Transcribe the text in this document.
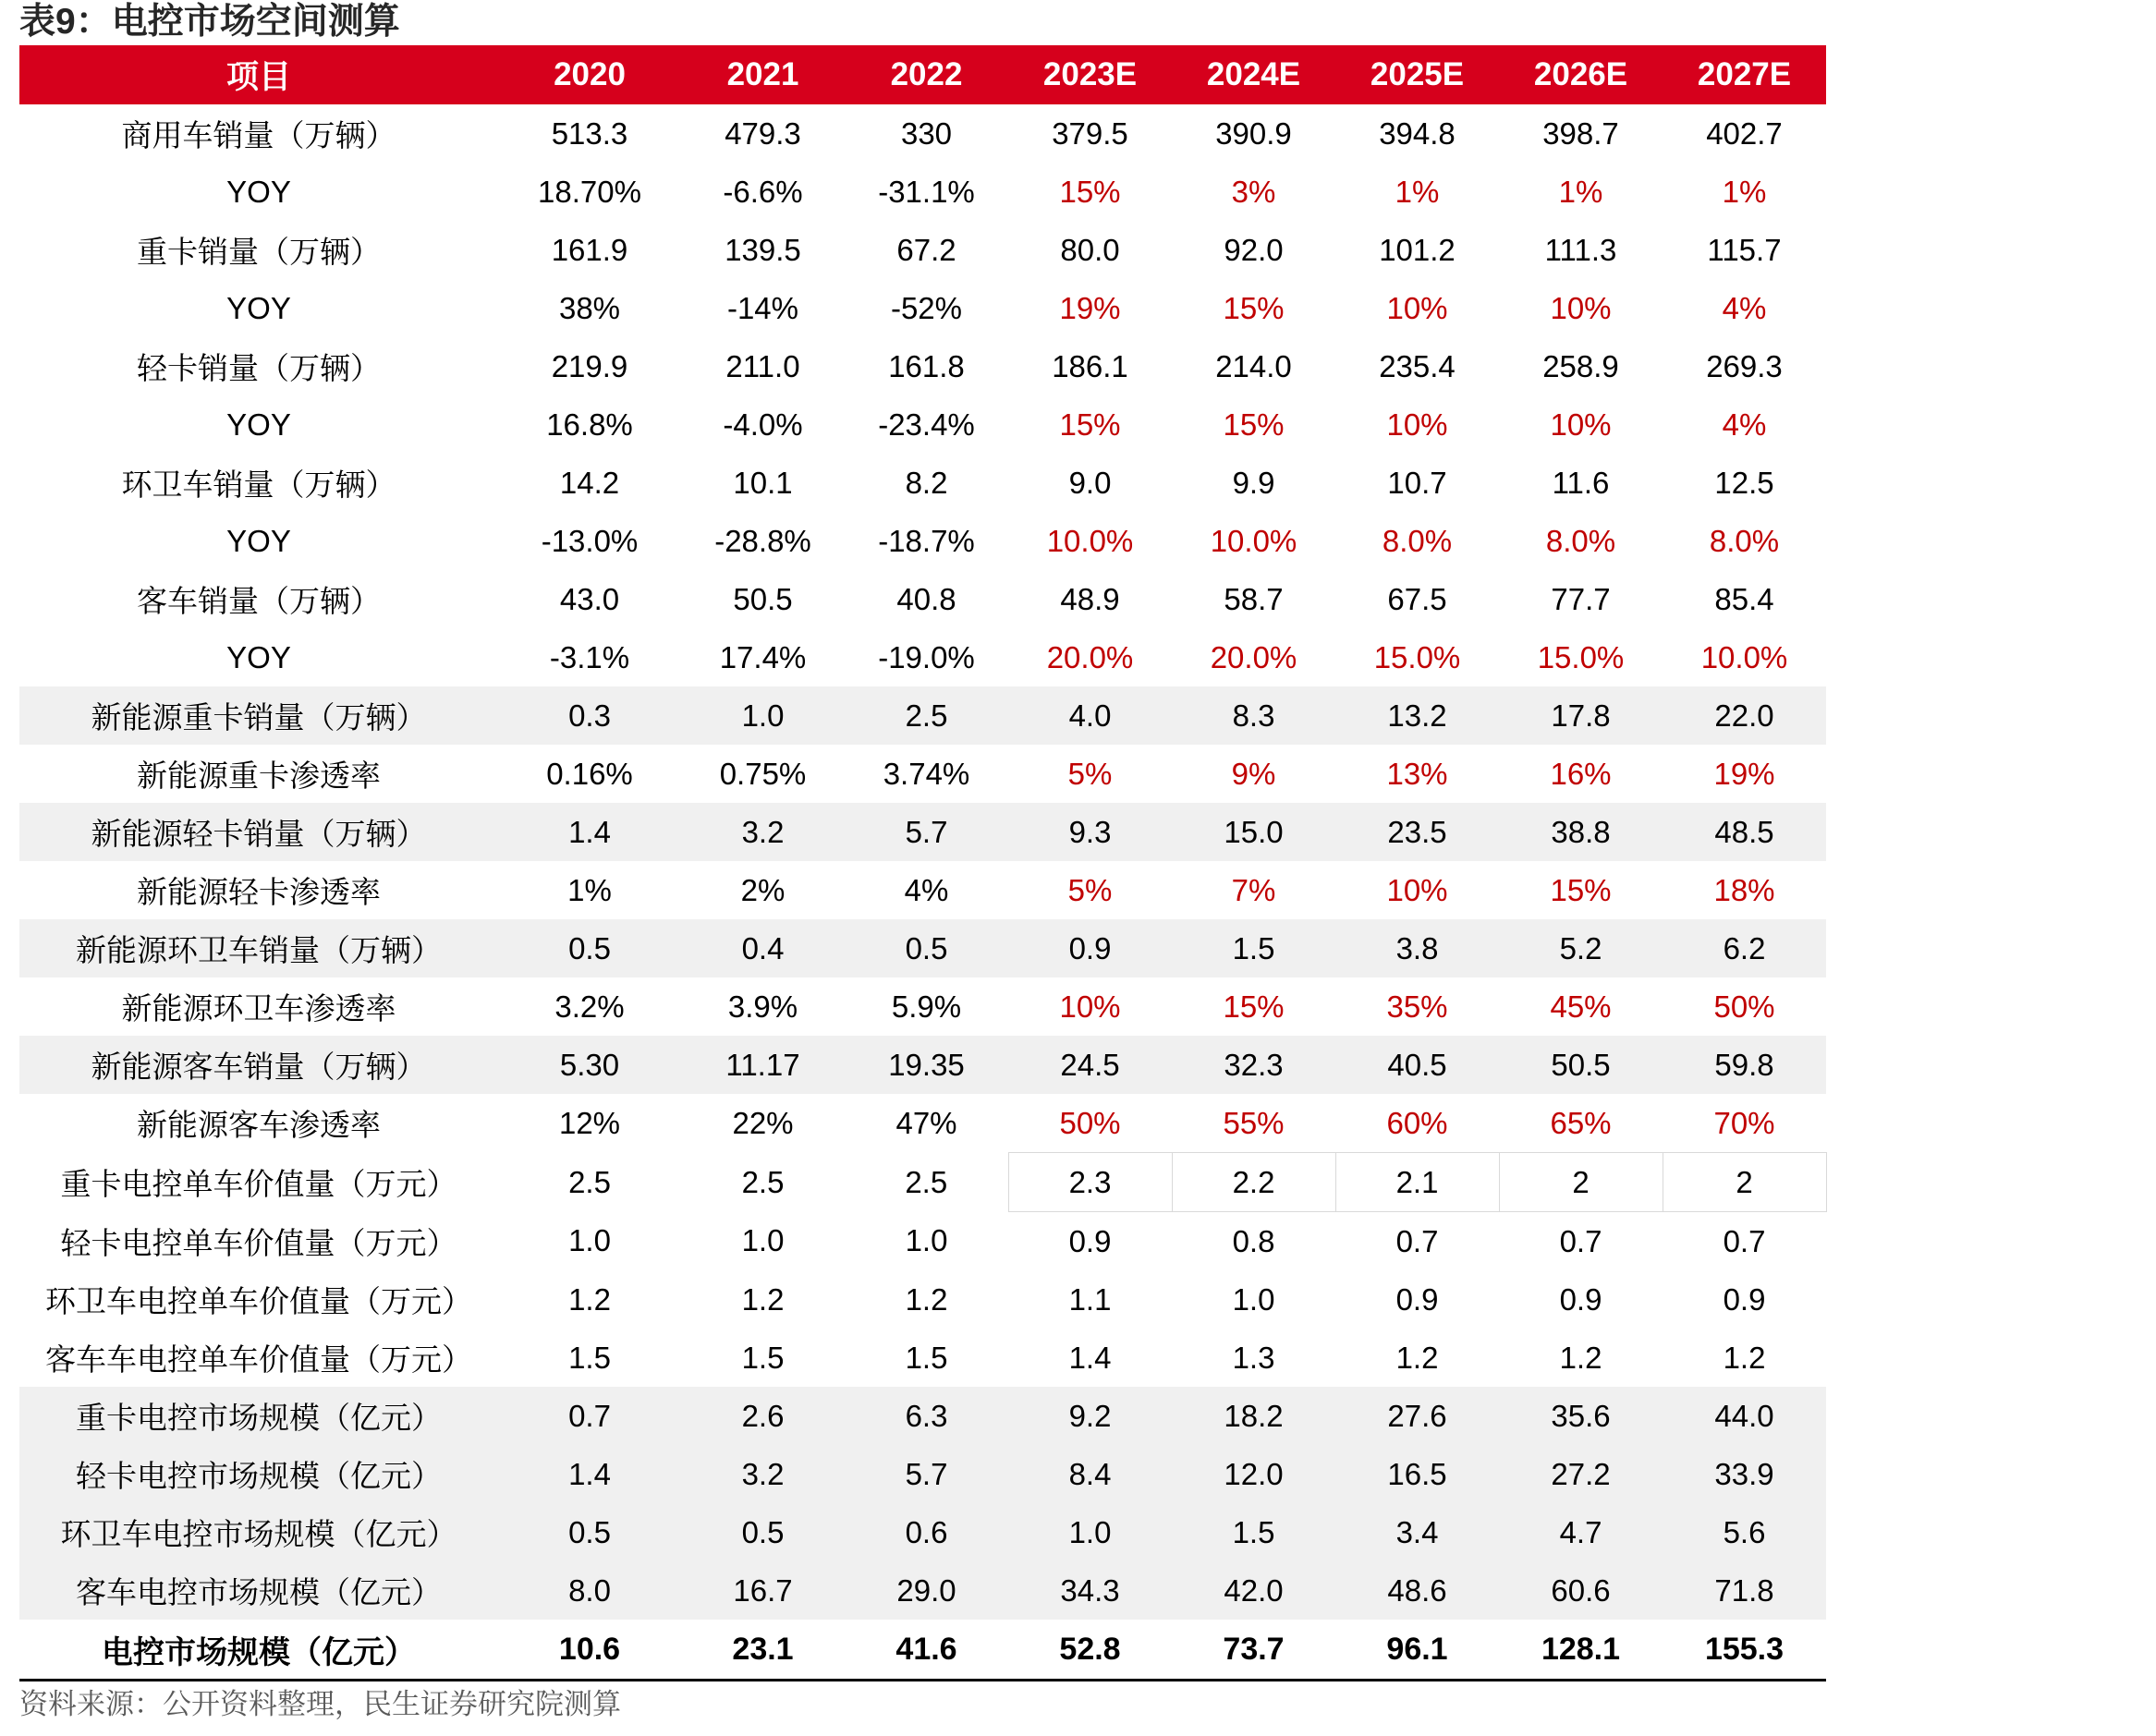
表9：电控市场空间测算
项目	2020	2021	2022	2023E	2024E	2025E	2026E	2027E
商用车销量（万辆）	513.3	479.3	330	379.5	390.9	394.8	398.7	402.7
YOY	18.70%	-6.6%	-31.1%	15%	3%	1%	1%	1%
重卡销量（万辆）	161.9	139.5	67.2	80.0	92.0	101.2	111.3	115.7
YOY	38%	-14%	-52%	19%	15%	10%	10%	4%
轻卡销量（万辆）	219.9	211.0	161.8	186.1	214.0	235.4	258.9	269.3
YOY	16.8%	-4.0%	-23.4%	15%	15%	10%	10%	4%
环卫车销量（万辆）	14.2	10.1	8.2	9.0	9.9	10.7	11.6	12.5
YOY	-13.0%	-28.8%	-18.7%	10.0%	10.0%	8.0%	8.0%	8.0%
客车销量（万辆）	43.0	50.5	40.8	48.9	58.7	67.5	77.7	85.4
YOY	-3.1%	17.4%	-19.0%	20.0%	20.0%	15.0%	15.0%	10.0%
新能源重卡销量（万辆）	0.3	1.0	2.5	4.0	8.3	13.2	17.8	22.0
新能源重卡渗透率	0.16%	0.75%	3.74%	5%	9%	13%	16%	19%
新能源轻卡销量（万辆）	1.4	3.2	5.7	9.3	15.0	23.5	38.8	48.5
新能源轻卡渗透率	1%	2%	4%	5%	7%	10%	15%	18%
新能源环卫车销量（万辆）	0.5	0.4	0.5	0.9	1.5	3.8	5.2	6.2
新能源环卫车渗透率	3.2%	3.9%	5.9%	10%	15%	35%	45%	50%
新能源客车销量（万辆）	5.30	11.17	19.35	24.5	32.3	40.5	50.5	59.8
新能源客车渗透率	12%	22%	47%	50%	55%	60%	65%	70%
重卡电控单车价值量（万元）	2.5	2.5	2.5	2.3	2.2	2.1	2	2
轻卡电控单车价值量（万元）	1.0	1.0	1.0	0.9	0.8	0.7	0.7	0.7
环卫车电控单车价值量（万元）	1.2	1.2	1.2	1.1	1.0	0.9	0.9	0.9
客车车电控单车价值量（万元）	1.5	1.5	1.5	1.4	1.3	1.2	1.2	1.2
重卡电控市场规模（亿元）	0.7	2.6	6.3	9.2	18.2	27.6	35.6	44.0
轻卡电控市场规模（亿元）	1.4	3.2	5.7	8.4	12.0	16.5	27.2	33.9
环卫车电控市场规模（亿元）	0.5	0.5	0.6	1.0	1.5	3.4	4.7	5.6
客车电控市场规模（亿元）	8.0	16.7	29.0	34.3	42.0	48.6	60.6	71.8
电控市场规模（亿元）	10.6	23.1	41.6	52.8	73.7	96.1	128.1	155.3

资料来源：公开资料整理，民生证券研究院测算
